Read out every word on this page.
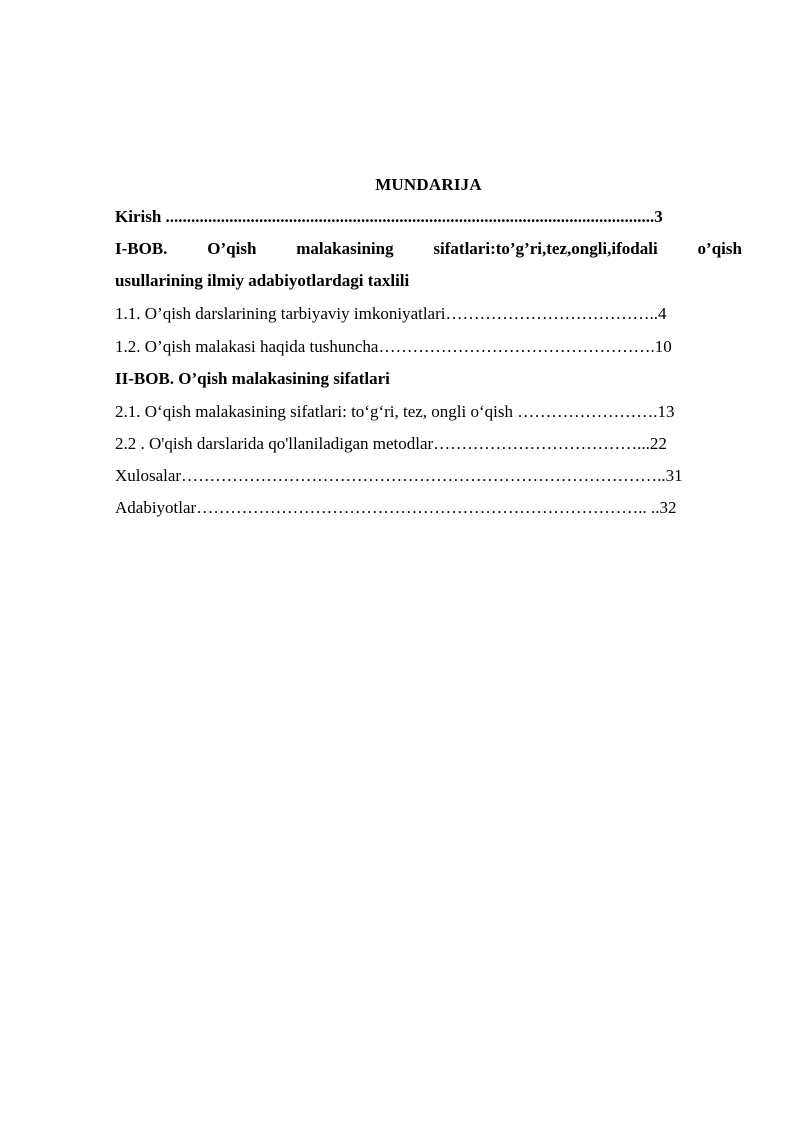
MUNDARIJA
Kirish ...................................................................................................................3
I-BOB. O’qish malakasining sifatlari:to’g’ri,tez,ongli,ifodali o’qish
usullarining ilmiy adabiyotlardagi taxlili
1.1. O’qish darslarining tarbiyaviy imkoniyatlari………………………………..4
1.2. O’qish malakasi haqida tushuncha………………………………………….10
II-BOB. O’qish malakasining sifatlari
2.1. O‘qish malakasining sifatlari: to‘g‘ri, tez, ongli o‘qish …………………….13
2.2 . O'qish darslarida qo'llaniladigan metodlar………………………………...22
Xulosalar…………………………………………………………………………..31
Adabiyotlar…………………………………………………………………….. ..32
